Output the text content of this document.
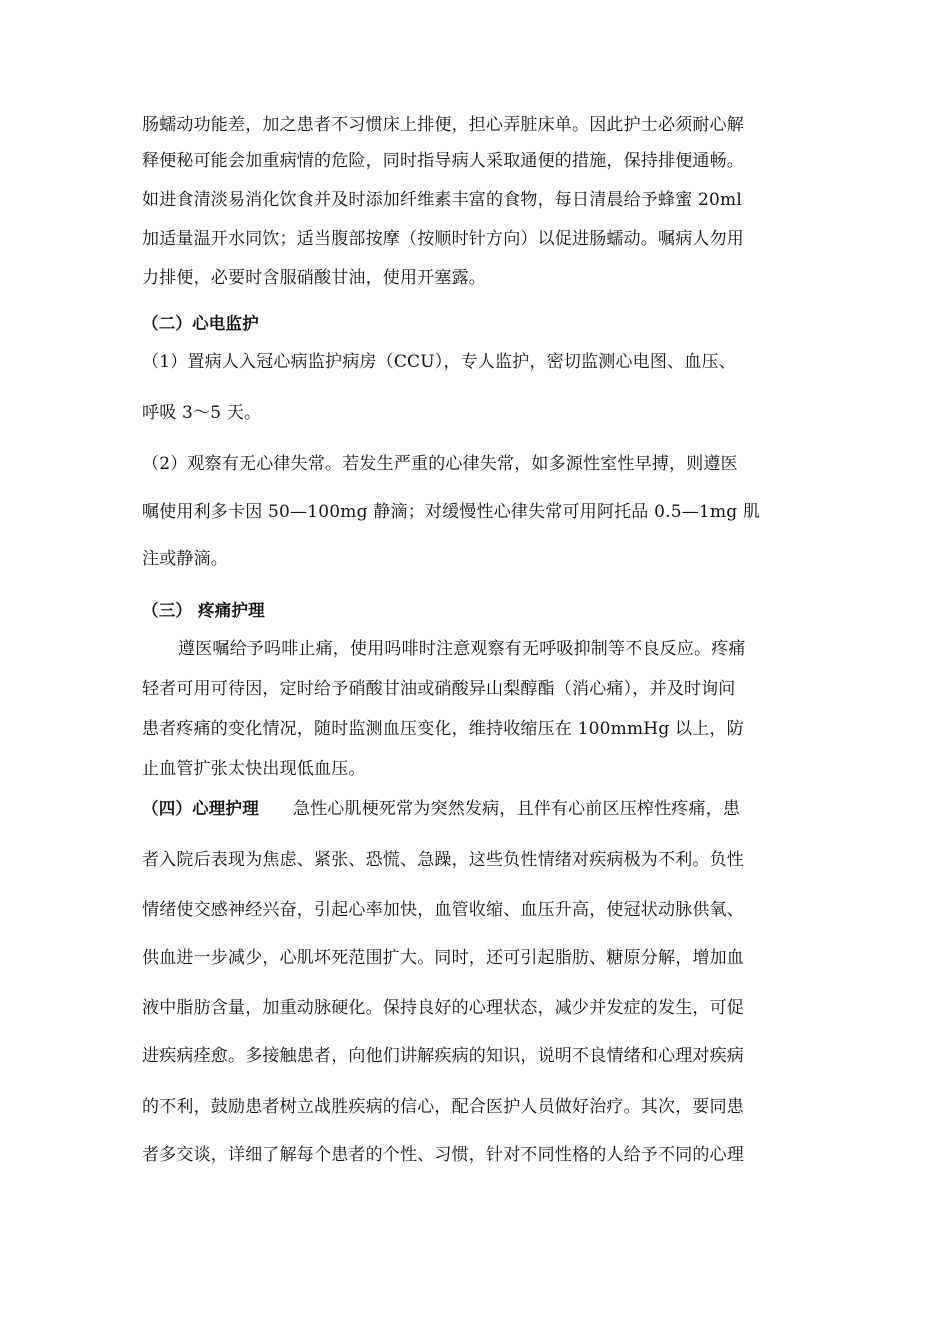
肠蠕动功能差，加之患者不习惯床上排便，担心弄脏床单。因此护士必须耐心解
释便秘可能会加重病情的危险，同时指导病人采取通便的措施，保持排便通畅。
如进食清淡易消化饮食并及时添加纤维素丰富的食物，每日清晨给予蜂蜜 20ml
加适量温开水同饮；适当腹部按摩（按顺时针方向）以促进肠蠕动。嘱病人勿用
力排便，必要时含服硝酸甘油，使用开塞露。
（二）心电监护
（1）置病人入冠心病监护病房（CCU），专人监护，密切监测心电图、血压、
呼吸 3～5 天。
（2）观察有无心律失常。若发生严重的心律失常，如多源性室性早搏，则遵医
嘱使用利多卡因 50—100mg 静滴；对缓慢性心律失常可用阿托品 0.5—1mg 肌
注或静滴。
（三） 疼痛护理
遵医嘱给予吗啡止痛，使用吗啡时注意观察有无呼吸抑制等不良反应。疼痛
轻者可用可待因，定时给予硝酸甘油或硝酸异山梨醇酯（消心痛），并及时询问
患者疼痛的变化情况，随时监测血压变化，维持收缩压在 100mmHg 以上，防
止血管扩张太快出现低血压。
（四）心理护理 急性心肌梗死常为突然发病，且伴有心前区压榨性疼痛，患
者入院后表现为焦虑、紧张、恐慌、急躁，这些负性情绪对疾病极为不利。负性
情绪使交感神经兴奋，引起心率加快，血管收缩、血压升高，使冠状动脉供氧、
供血进一步减少，心肌坏死范围扩大。同时，还可引起脂肪、糖原分解，增加血
液中脂肪含量，加重动脉硬化。保持良好的心理状态，减少并发症的发生，可促
进疾病痊愈。多接触患者，向他们讲解疾病的知识，说明不良情绪和心理对疾病
的不利，鼓励患者树立战胜疾病的信心，配合医护人员做好治疗。其次，要同患
者多交谈，详细了解每个患者的个性、习惯，针对不同性格的人给予不同的心理
